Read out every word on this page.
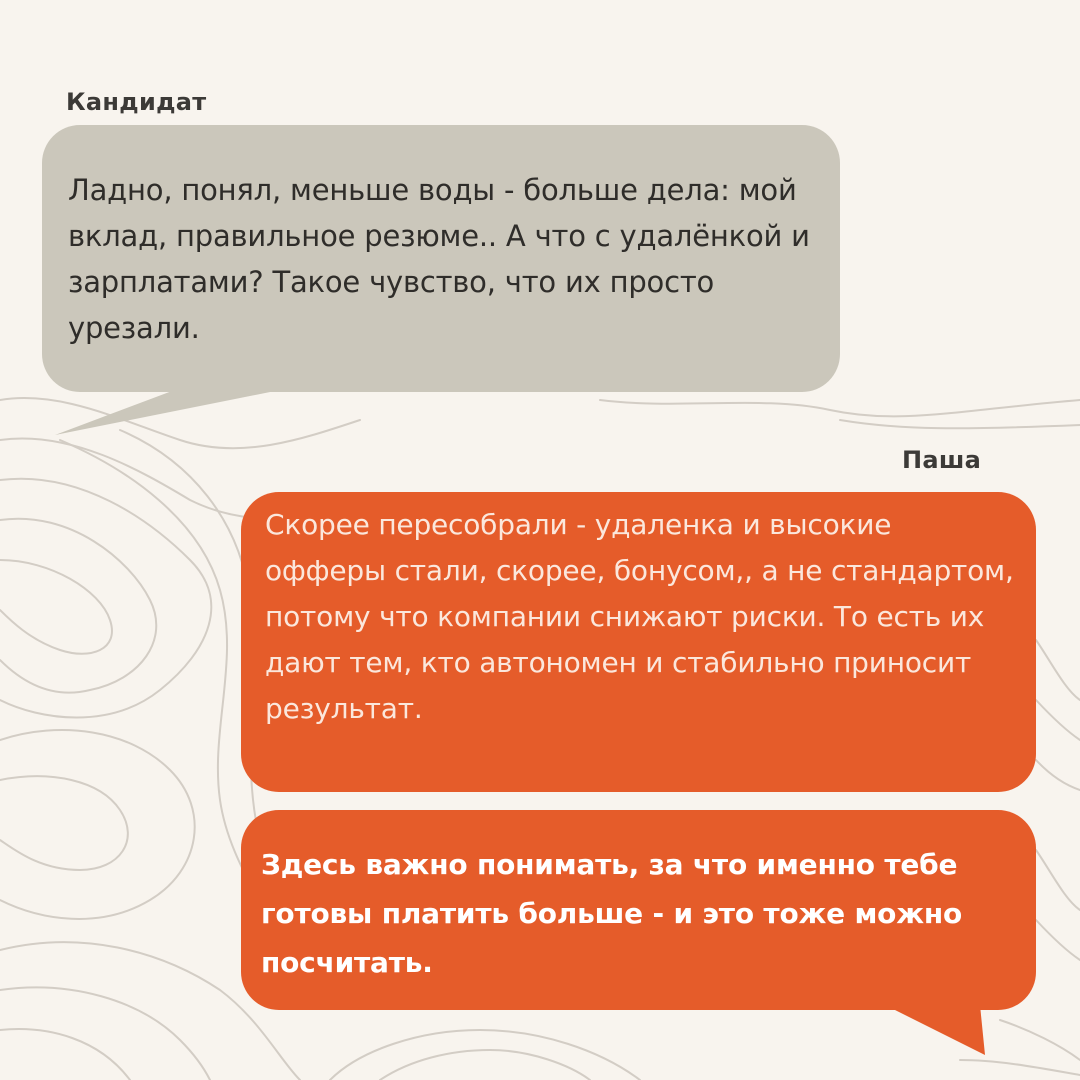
Кандидат

Ладно, понял, меньше воды - больше дела: мой вклад, правильное резюме.. А что с удалёнкой и зарплатами? Такое чувство, что их просто урезали.

Паша

Скорее пересобрали - удаленка и высокие офферы стали, скорее, бонусом,, а не стандартом, потому что компании снижают риски. То есть их дают тем, кто автономен и стабильно приносит результат.

Здесь важно понимать, за что именно тебе готовы платить больше - и это тоже можно посчитать.
